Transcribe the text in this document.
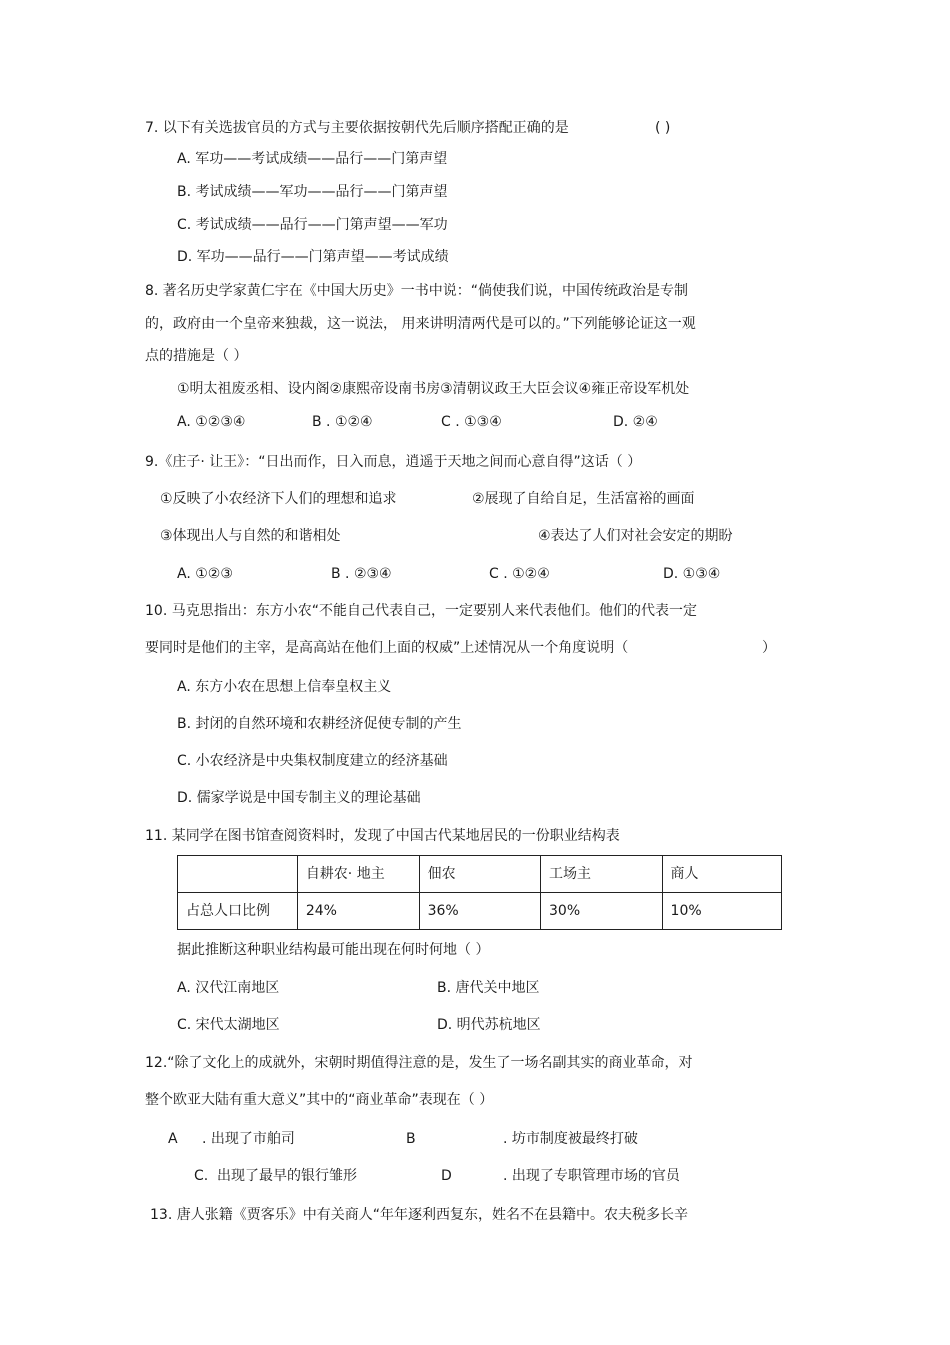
7. 以下有关选拔官员的方式与主要依据按朝代先后顺序搭配正确的是	( )
A. 军功——考试成绩——品行——门第声望
B. 考试成绩——军功——品行——门第声望
C. 考试成绩——品行——门第声望——军功
D. 军功——品行——门第声望——考试成绩
8. 著名历史学家黄仁宇在《中国大历史》一书中说：“倘使我们说，中国传统政治是专制
的，政府由一个皇帝来独裁，这一说法， 用来讲明清两代是可以的。”下列能够论证这一观
点的措施是（ ）
①明太祖废丞相、设内阁②康熙帝设南书房③清朝议政王大臣会议④雍正帝设军机处
A. ①②③④	B . ①②④	C . ①③④	D. ②④
9.《庄子· 让王》：“日出而作，日入而息，逍遥于天地之间而心意自得”这话（ ）
①反映了小农经济下人们的理想和追求	②展现了自给自足，生活富裕的画面
③体现出人与自然的和谐相处	④表达了人们对社会安定的期盼
A. ①②③	B . ②③④	C . ①②④	D. ①③④
10. 马克思指出：东方小农“不能自己代表自己，一定要别人来代表他们。他们的代表一定
要同时是他们的主宰，是高高站在他们上面的权威”上述情况从一个角度说明（	）
A. 东方小农在思想上信奉皇权主义
B. 封闭的自然环境和农耕经济促使专制的产生
C. 小农经济是中央集权制度建立的经济基础
D. 儒家学说是中国专制主义的理论基础
11. 某同学在图书馆查阅资料时，发现了中国古代某地居民的一份职业结构表
	自耕农· 地主	佃农	工场主	商人
占总人口比例	24%	36%	30%	10%
据此推断这种职业结构最可能出现在何时何地（ ）
A. 汉代江南地区	B. 唐代关中地区
C. 宋代太湖地区	D. 明代苏杭地区
12.“除了文化上的成就外，宋朝时期值得注意的是，发生了一场名副其实的商业革命，对
整个欧亚大陆有重大意义”其中的“商业革命”表现在（ ）
A . 出现了市舶司	B	. 坊市制度被最终打破
C. 出现了最早的银行雏形	D	. 出现了专职管理市场的官员
13. 唐人张籍《贾客乐》中有关商人“年年逐利西复东，姓名不在县籍中。农夫税多长辛
